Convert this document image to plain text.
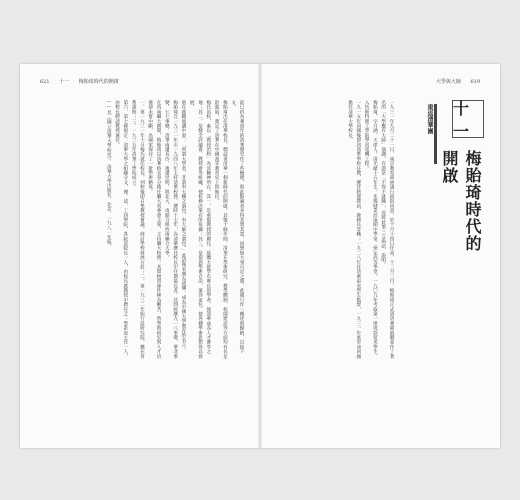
621 十一 梅貽琦時代的開啟	大學與大師 619

前已約為華貴年的清華歷史作了些梳理，與此點論者多得其實其意，回想無大事可記之感，此處只作一概述與歸納，以接下文。

梅貽琦出任清華校長，標誌著清華一個新時代的開啟。其後十餘年間，清華在學術研究、教學體制、校園建設等方面均有長足的進展，奠定了清華在中國高等教育史上的地位。

梅氏治校，素以「教授治校」為其精神所在。其一，是重視教授的聘任，延攬大批學有專長的學者，使清華成為人才薈萃之地；其二，是健全評議會、教授會等組織，使校務決策有所依據；其三，是提倡學術自由，兼容並包，使各種學術思想得以發展。

他在就職演講中說：「所謂大學者，非謂有大樓之謂也，有大師之謂也。」此語後來廣為流傳，成為中國大學教育的名言。

梅貽琦自一九三一年至一九四八年主持清華校務，歷時十七年，為清華歷任校長中任期最長者。其間經歷九一八事變、華北事變、七七事變，清華南遷長沙，復遷昆明，與北大、南開合組西南聯合大學。

在西南聯大期間，梅貽琦以清華校長身分擔任聯大常委會主席，主持聯大校務。其間物質條件極為艱苦，然學術研究與人才培養卻未嘗中斷，為國家保存了一批學術精英。

一、第一九三一年十月梅氏就任校長，到校後即召集教授會議，商討學校發展方針；二、第一九三二年始行設研究院，擴充各系課程；三、一九三五年清華工學院成立。

第六、第七條規定：清華大學之組織分文、理、法、工四學院，各院設院長一人，由校長就教授中聘任之；學系設主任一人，由校長聘請教授兼任。

——見《國立清華大學校史》，清華大學出版社，北京，一九八一年版。	一九三一年九月二十一日，南京教育部函請行政院同意，於十月十四日任命，十二月三日，梅貽琦正式到清華園就職並作了著名的「大學應有大師」演講。有謂是「不得不就職」，故將此事三言兩語，說明。

梅貽琦，字月涵，天津人。清光緒十五年生。先後肄業於南開中學堂、保定高等學堂。一九〇九年考取第一批庚款留美學生，入伍斯特理工學院學習電機工程。

一九一五年回國後即到清華學校任教，歷任物理教員、教務長等職；一九二八年任清華留美學生監督，一九三一年底奉命回國擔任清華大學校長。	重返清華園 十一
梅貽琦時代的開啟
